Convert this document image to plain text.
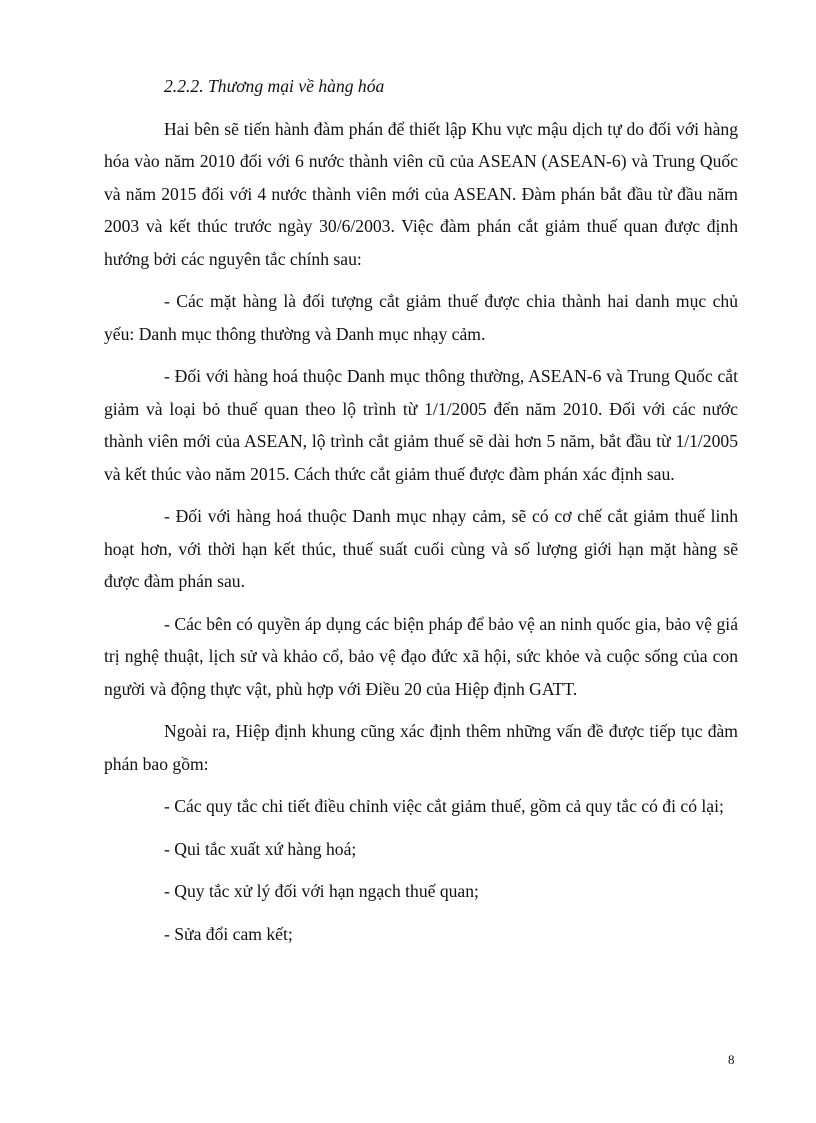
2.2.2. Thương mại về hàng hóa

Hai bên sẽ tiến hành đàm phán để thiết lập Khu vực mậu dịch tự do đối với hàng hóa vào năm 2010 đối với 6 nước thành viên cũ của ASEAN (ASEAN-6) và Trung Quốc và năm 2015 đối với 4 nước thành viên mới của ASEAN. Đàm phán bắt đầu từ đầu năm 2003 và kết thúc trước ngày 30/6/2003. Việc đàm phán cắt giảm thuế quan được định hướng bởi các nguyên tắc chính sau:

- Các mặt hàng là đối tượng cắt giảm thuế được chia thành hai danh mục chủ yếu: Danh mục thông thường và Danh mục nhạy cảm.

- Đối với hàng hoá thuộc Danh mục thông thường, ASEAN-6 và Trung Quốc cắt giảm và loại bỏ thuế quan theo lộ trình từ 1/1/2005 đến năm 2010. Đối với các nước thành viên mới của ASEAN, lộ trình cắt giảm thuế sẽ dài hơn 5 năm, bắt đầu từ 1/1/2005 và kết thúc vào năm 2015. Cách thức cắt giảm thuế được đàm phán xác định sau.

- Đối với hàng hoá thuộc Danh mục nhạy cảm, sẽ có cơ chế cắt giảm thuế linh hoạt hơn, với thời hạn kết thúc, thuế suất cuối cùng và số lượng giới hạn mặt hàng sẽ được đàm phán sau.

- Các bên có quyền áp dụng các biện pháp để bảo vệ an ninh quốc gia, bảo vệ giá trị nghệ thuật, lịch sử và khảo cổ, bảo vệ đạo đức xã hội, sức khỏe và cuộc sống của con người và động thực vật, phù hợp với Điều 20 của Hiệp định GATT.

Ngoài ra, Hiệp định khung cũng xác định thêm những vấn đề được tiếp tục đàm phán bao gồm:

- Các quy tắc chi tiết điều chỉnh việc cắt giảm thuế, gồm cả quy tắc có đi có lại;

- Qui tắc xuất xứ hàng hoá;

- Quy tắc xử lý đối với hạn ngạch thuế quan;

- Sửa đổi cam kết;

8
